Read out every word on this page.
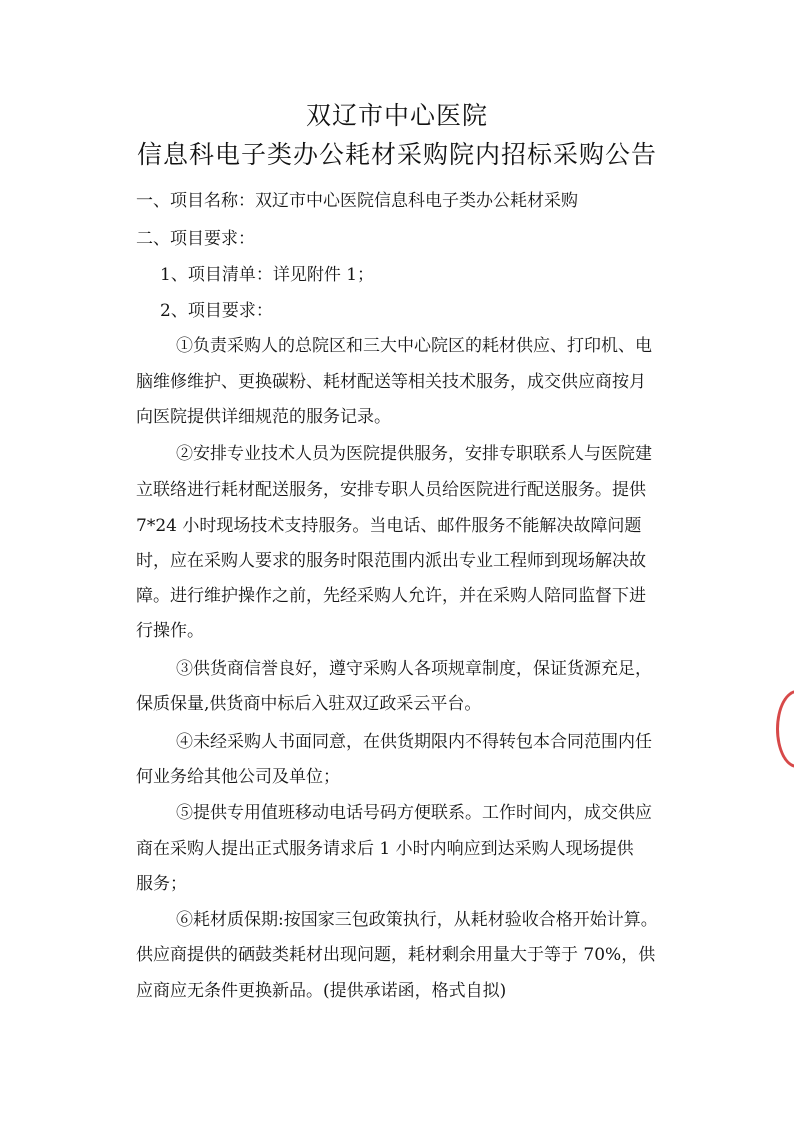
双辽市中心医院
信息科电子类办公耗材采购院内招标采购公告
一、项目名称：双辽市中心医院信息科电子类办公耗材采购
二、项目要求：
1、项目清单：详见附件 1；
2、项目要求：
①负责采购人的总院区和三大中心院区的耗材供应、打印机、电
脑维修维护、更换碳粉、耗材配送等相关技术服务，成交供应商按月
向医院提供详细规范的服务记录。
②安排专业技术人员为医院提供服务，安排专职联系人与医院建
立联络进行耗材配送服务，安排专职人员给医院进行配送服务。提供
7*24 小时现场技术支持服务。当电话、邮件服务不能解决故障问题
时，应在采购人要求的服务时限范围内派出专业工程师到现场解决故
障。进行维护操作之前，先经采购人允许，并在采购人陪同监督下进
行操作。
③供货商信誉良好，遵守采购人各项规章制度，保证货源充足，
保质保量,供货商中标后入驻双辽政采云平台。
④未经采购人书面同意，在供货期限内不得转包本合同范围内任
何业务给其他公司及单位；
⑤提供专用值班移动电话号码方便联系。工作时间内，成交供应
商在采购人提出正式服务请求后 1 小时内响应到达采购人现场提供
服务；
⑥耗材质保期:按国家三包政策执行，从耗材验收合格开始计算。
供应商提供的硒鼓类耗材出现问题，耗材剩余用量大于等于 70%，供
应商应无条件更换新品。(提供承诺函，格式自拟)
